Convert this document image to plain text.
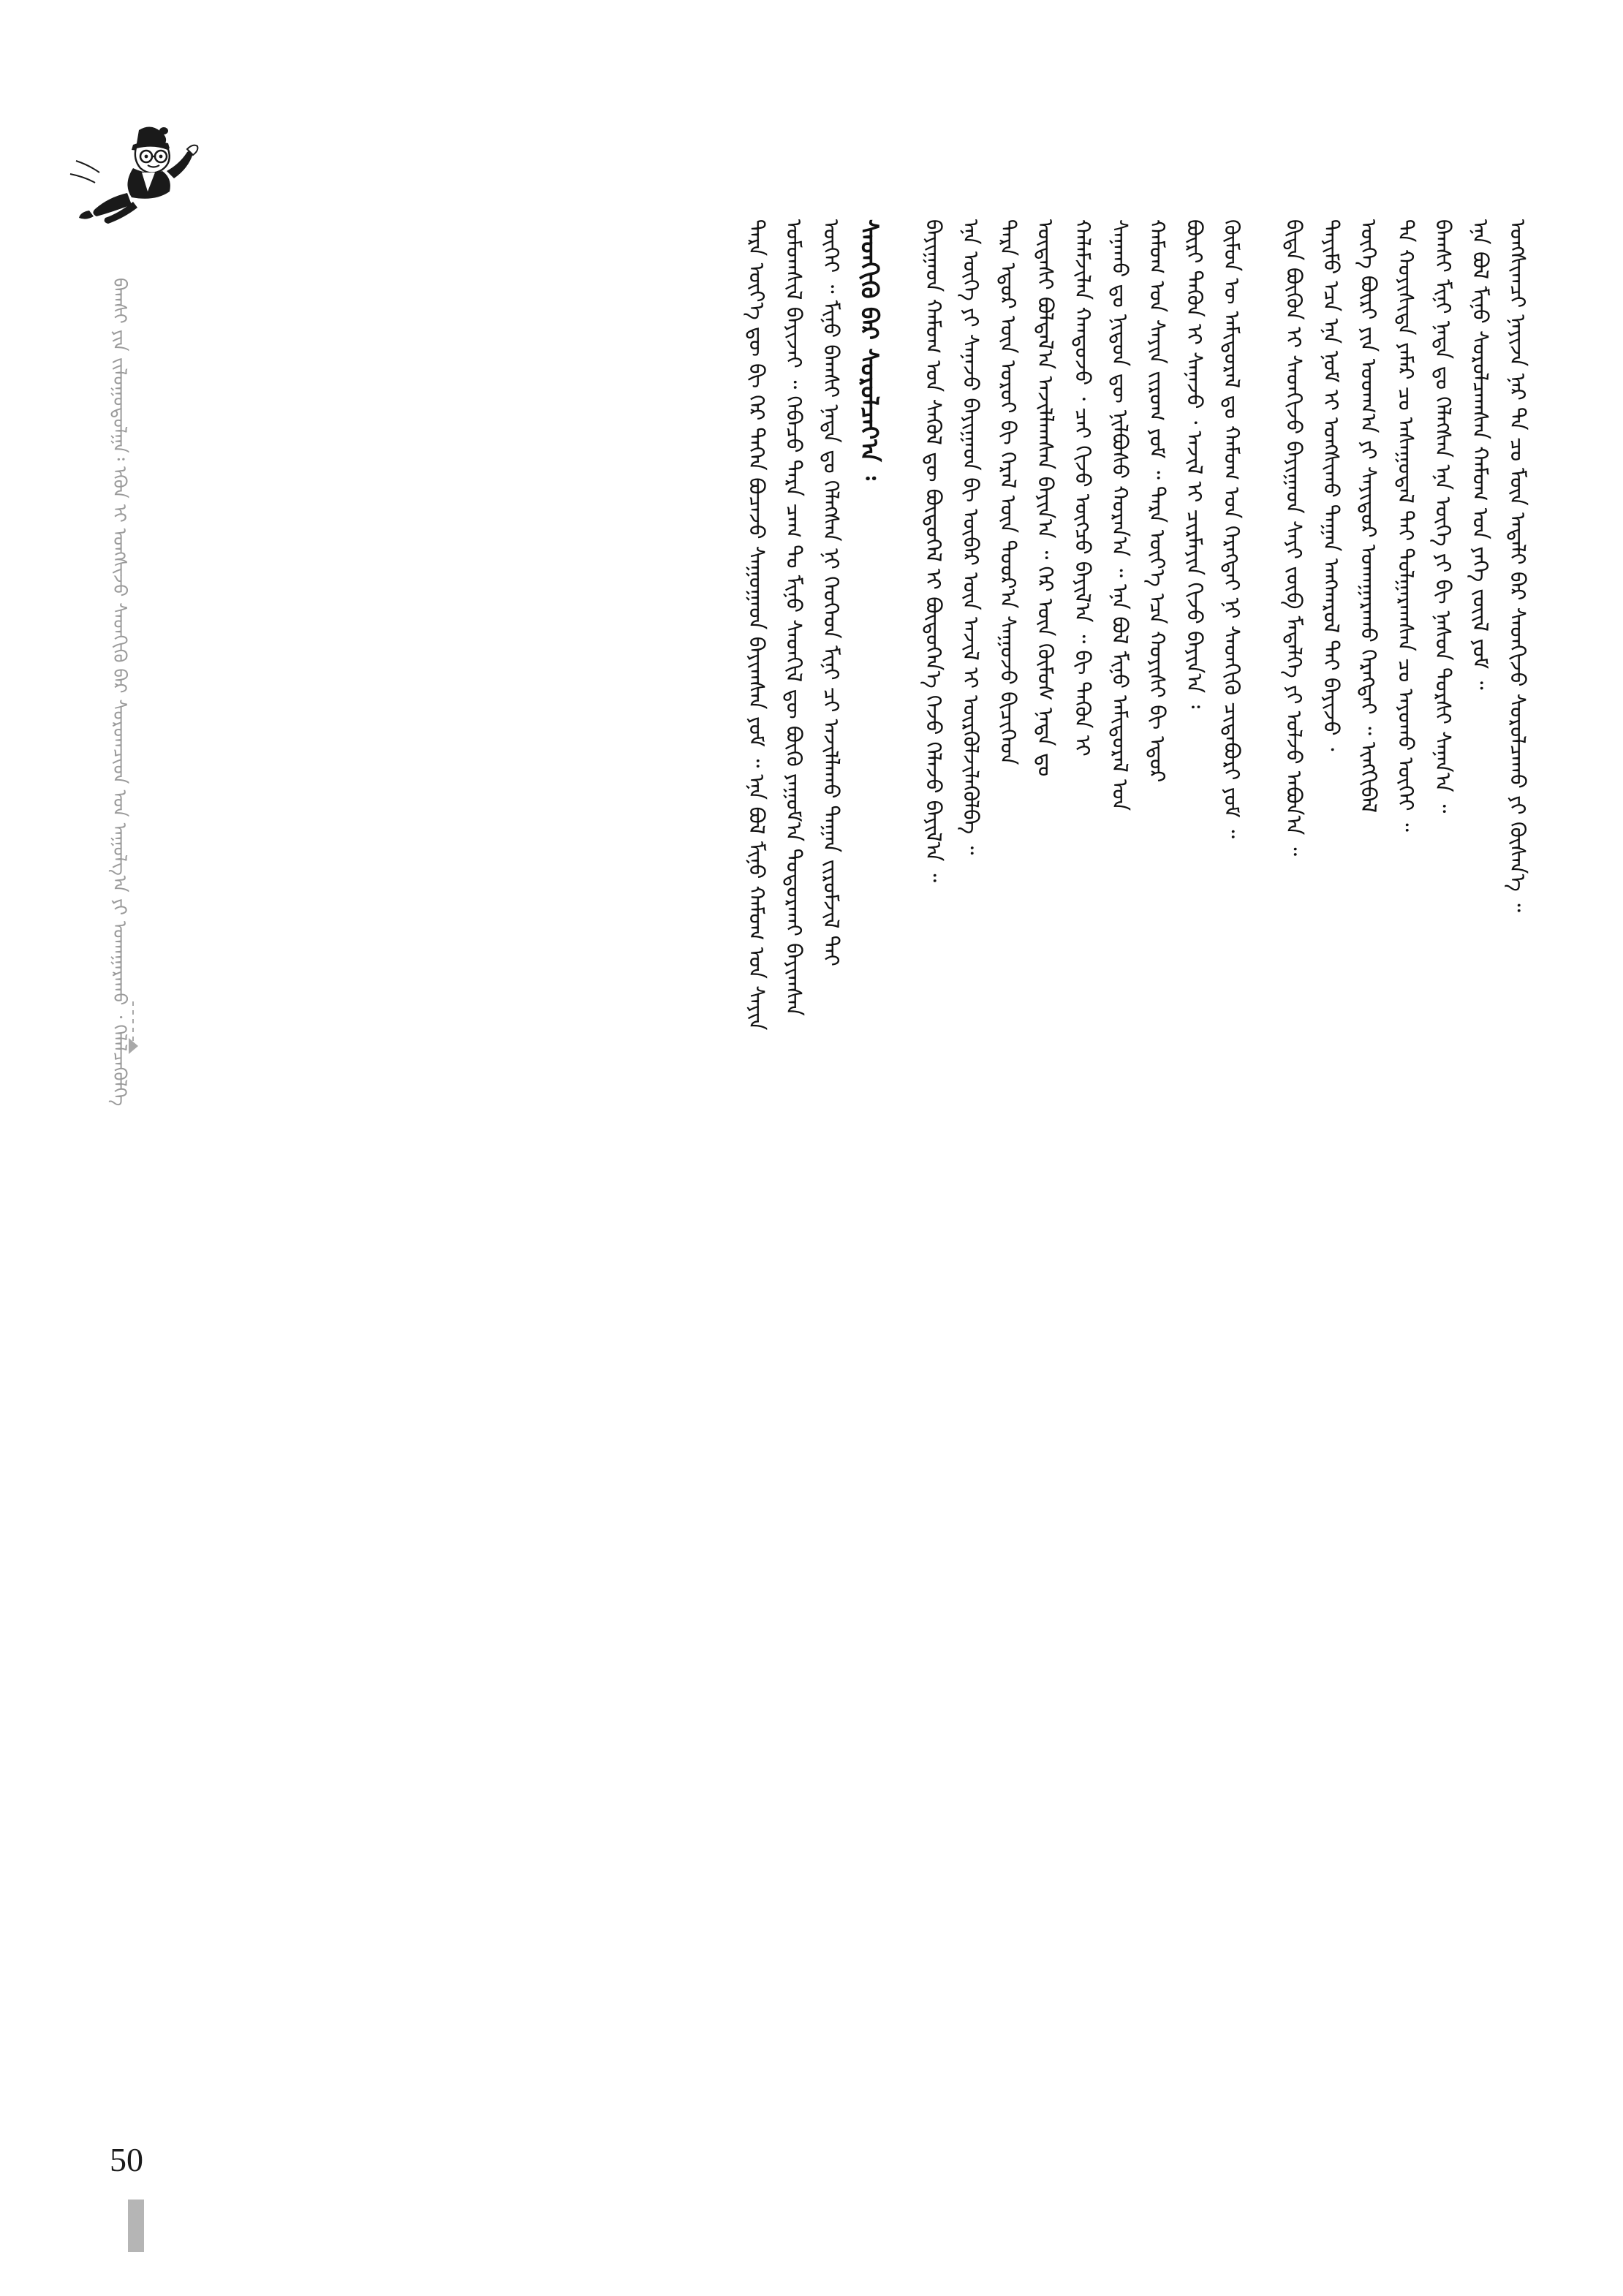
ᠪᠠᠭᠰᠢ ᠶᠢᠨ ᠵᠢᠯᠤᠭᠤᠳᠤᠯᠭᠠ᠄ ᠡᠭᠦᠨ ᠢ ᠤᠩᠰᠢᠵᠤ ᠰᠡᠳᠬᠢᠭᠦ ᠪᠡᠷ ᠰᠤᠷᠤᠭᠴᠢᠳ ᠤᠨ ᠠᠭᠤᠯᠭ᠎ᠠ ᠶᠢ ᠤᠬᠠᠭᠠᠷᠠᠬᠤ ᠂ ᠬᠡᠯᠡᠯᠴᠡᠭᠦᠯᠭᠡ	ᠲᠡᠷᠡ ᠦᠶ᠎ᠡ ᠳᠦ ᠪᠢ ᠬᠡᠷ ᠲᠡᠭᠡᠨ ᠪᠤᠴᠠᠵᠤ ᠰᠠᠭᠤᠭᠠᠳ ᠪᠠᠶᠢᠭᠰᠠᠨ ᠶᠤᠮ ᠃ ᠡᠨᠡ ᠪᠣᠯ ᠮᠢᠨᠦ ᠬᠠᠮᠤᠭ ᠤᠨ ᠰᠠᠶᠢᠨ ᠤᠮᠤᠭᠰᠢᠯ ᠪᠠᠶᠢᠵᠠᠢ ᠃ ᠭᠡᠪᠡᠴᠦ ᠲᠡᠷᠡ ᠴᠠᠭ ᠲᠤ ᠮᠢᠨᠦ ᠰᠡᠳᠬᠢᠯ ᠳᠦ ᠪᠦᠬᠦ ᠶᠠᠭᠤᠮ᠎ᠠ ᠲᠣᠳᠤᠷᠬᠠᠢ ᠪᠠᠶᠢᠭᠰᠠᠨ ᠦᠭᠡᠢ ᠃ ᠮᠢᠨᠦ ᠪᠠᠭᠰᠢ ᠨᠠᠳᠠ ᠳᠤ ᠬᠡᠯᠡᠭᠰᠡᠨ ᠨᠢ ᠬᠡᠦᠬᠡᠳ ᠮᠢᠨᠢ ᠴᠢ ᠠᠵᠢᠯᠯᠠᠬᠤ ᠳᠠᠭᠠᠨ ᠵᠢᠷᠤᠮᠵᠢᠯ ᠲᠠᠢ ᠰᠡᠳᠬᠢᠭᠦ ᠪᠡᠷ ᠰᠤᠷᠤᠯᠴᠠᠶ᠎ᠠ ᠄ ᠪᠠᠶᠢᠭᠠᠳ ᠬᠠᠮᠤᠭ ᠤᠨ ᠰᠡᠭᠦᠯ ᠳᠦ ᠪᠦᠲᠦᠭᠡᠯ ᠢ ᠪᠦᠲᠦᠭᠡᠨ᠎ᠡ ᠭᠡᠵᠦ ᠬᠡᠯᠡᠵᠦ ᠪᠠᠶᠢᠯ᠎ᠠ ᠃ ᠡᠨᠡ ᠦᠭᠡ ᠶᠢ ᠰᠠᠨᠠᠵᠤ ᠪᠠᠶᠢᠭᠠᠳ ᠪᠢ ᠦᠪᠡᠷ ᠦᠨ ᠠᠵᠢᠯ ᠢ ᠦᠷᠭᠦᠯᠵᠢᠯᠡᠭᠦᠯᠪᠡ ᠃ ᠲᠡᠷᠡ ᠡᠳᠦᠷ ᠦᠨ ᠣᠷᠤᠢ ᠪᠢ ᠭᠡᠷᠡᠯ ᠦᠨ ᠳᠣᠣᠷ᠎ᠠ ᠰᠠᠭᠤᠵᠤ ᠪᠢᠴᠢᠭᠡᠳ ᠦᠳᠡᠰᠢ ᠪᠣᠯᠲᠠᠯ᠎ᠠ ᠠᠵᠢᠯᠯᠠᠭᠰᠠᠨ ᠪᠠᠶᠢᠨ᠎ᠠ ᠃ ᠭᠡᠷ ᠦᠨ ᠬᠦᠮᠦᠰ ᠨᠠᠳᠠ ᠳᠤ ᠬᠠᠯᠠᠮᠵᠢᠯᠠᠨ ᠬᠠᠨᠳᠤᠵᠤ ᠂ ᠴᠠᠢ ᠬᠢᠵᠦ ᠥᠭᠴᠦ ᠪᠠᠶᠢᠯ᠎ᠠ ᠃ ᠪᠢ ᠲᠡᠭᠦᠨ ᠢ ᠰᠠᠨᠠᠬᠤ ᠳᠤ ᠨᠢᠳᠦᠨ ᠳᠦ ᠨᠢᠯᠪᠤᠰᠤ ᠬᠤᠷᠠᠨ᠎ᠠ ᠃ ᠡᠨᠡ ᠪᠣᠯ ᠮᠢᠨᠦ ᠠᠮᠢᠳᠤᠷᠠᠯ ᠤᠨ ᠬᠠᠮᠤᠭ ᠤᠨ ᠰᠠᠶᠢᠨ ᠵᠢᠷᠤᠭ ᠶᠤᠮ ᠃ ᠲᠡᠷᠡ ᠦᠶ᠎ᠡ ᠡᠴᠡ ᠬᠣᠶᠢᠰᠢ ᠪᠢ ᠡᠳᠦᠷ ᠪᠦᠷᠢ ᠲᠡᠭᠦᠨ ᠢ ᠰᠠᠨᠠᠵᠤ ᠂ ᠠᠵᠢᠯ ᠢ ᠴᠢᠷᠮᠠᠶᠢᠨ ᠬᠢᠵᠦ ᠪᠠᠶᠢᠨ᠎ᠠ ᠄ ᠬᠦᠮᠦᠨ ᠦ ᠠᠮᠢᠳᠤᠷᠠᠯ ᠳᠤ ᠬᠠᠮᠤᠭ ᠤᠨ ᠬᠡᠷᠡᠭᠲᠡᠢ ᠨᠢ ᠰᠡᠳᠬᠢᠭᠦ ᠴᠢᠳᠠᠪᠤᠷᠢ ᠶᠤᠮ ᠃ ᠪᠢᠳᠡ ᠪᠦᠬᠦᠨ ᠢ ᠰᠡᠳᠬᠢᠵᠦ ᠪᠠᠶᠢᠭᠠᠳ ᠰᠠᠶᠢ ᠵᠥᠪ ᠮᠡᠳᠡᠯᠭᠡ ᠶᠢ ᠣᠯᠵᠤ ᠠᠪᠤᠨ᠎ᠠ ᠃ ᠲᠡᠶᠢᠮᠦ ᠡᠴᠡ ᠡᠨᠡ ᠨᠣᠮ ᠢ ᠤᠩᠰᠢᠬᠤ ᠳᠠᠭᠠᠨ ᠠᠩᠬᠠᠷᠤᠯ ᠲᠠᠢ ᠪᠠᠶᠢᠵᠤ ᠂ ᠦᠭᠡ ᠪᠦᠷᠢ ᠶᠢᠨ ᠤᠳᠬ᠎ᠠ ᠶᠢ ᠰᠠᠶᠢᠲᠤᠷ ᠤᠬᠠᠭᠠᠷᠠᠬᠤ ᠬᠡᠷᠡᠭᠲᠡᠢ ᠃ ᠢᠩᠭᠢᠪᠡᠯ ᠲᠠ ᠬᠣᠶᠢᠰᠢᠳᠠ ᠶᠠᠮᠠᠷ ᠴᠤ ᠠᠰᠠᠭᠤᠳᠠᠯ ᠲᠠᠢ ᠲᠤᠯᠭᠠᠷᠠᠭᠰᠠᠨ ᠴᠤ ᠠᠶᠤᠬᠤ ᠦᠭᠡᠢ ᠃ ᠪᠠᠭᠰᠢ ᠮᠢᠨᠢ ᠨᠠᠳᠠ ᠳᠤ ᠬᠡᠯᠡᠭᠰᠡᠨ ᠡᠨᠡ ᠦᠭᠡ ᠶᠢ ᠪᠢ ᠨᠠᠰᠤᠨ ᠲᠤᠷᠰᠢ ᠰᠠᠨᠠᠨ᠎ᠠ ᠃ ᠡᠨᠡ ᠪᠣᠯ ᠮᠢᠨᠦ ᠰᠤᠷᠤᠯᠴᠠᠭᠰᠠᠨ ᠬᠠᠮᠤᠭ ᠤᠨ ᠶᠡᠬᠡ ᠵᠦᠢᠯ ᠶᠤᠮ ᠃ ᠤᠩᠰᠢᠭᠴᠢ ᠨᠠᠶᠢᠵᠠ ᠨᠠᠷ ᠲᠠ ᠴᠤ ᠮᠥᠨ ᠠᠳᠠᠯᠢ ᠪᠠᠷ ᠰᠡᠳᠬᠢᠵᠦ ᠰᠤᠷᠤᠯᠴᠠᠬᠤ ᠶᠢ ᠬᠦᠰᠡᠨ᠎ᠡ ᠃
50
